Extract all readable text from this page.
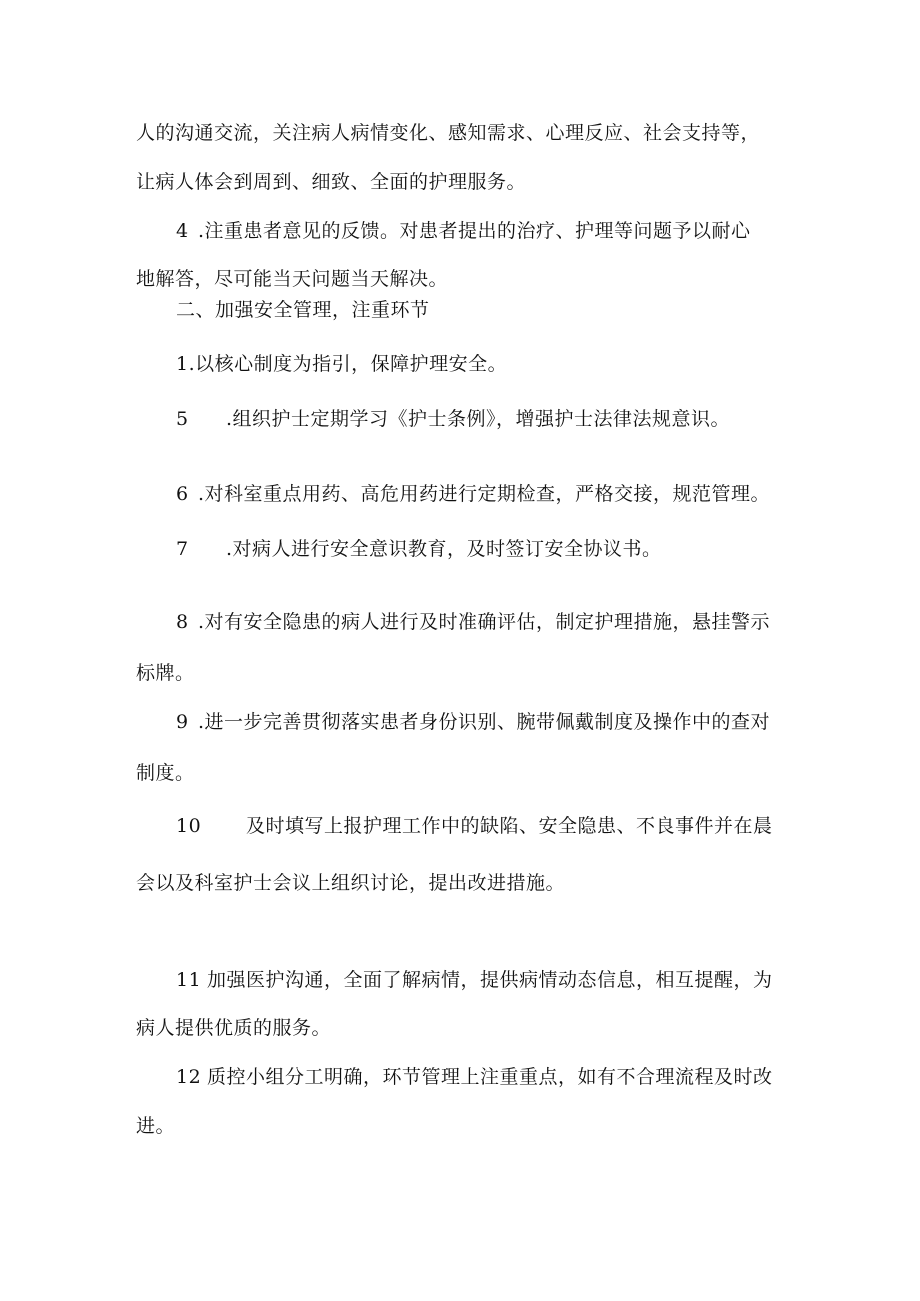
人的沟通交流，关注病人病情变化、感知需求、心理反应、社会支持等，
让病人体会到周到、细致、全面的护理服务。
4 .注重患者意见的反馈。对患者提出的治疗、护理等问题予以耐心
地解答，尽可能当天问题当天解决。
二、加强安全管理，注重环节
1.以核心制度为指引，保障护理安全。
5 .组织护士定期学习《护士条例》，增强护士法律法规意识。
6 .对科室重点用药、高危用药进行定期检查，严格交接，规范管理。
7 .对病人进行安全意识教育，及时签订安全协议书。
8 .对有安全隐患的病人进行及时准确评估，制定护理措施，悬挂警示
标牌。
9 .进一步完善贯彻落实患者身份识别、腕带佩戴制度及操作中的查对
制度。
10 及时填写上报护理工作中的缺陷、安全隐患、不良事件并在晨
会以及科室护士会议上组织讨论，提出改进措施。
11 加强医护沟通，全面了解病情，提供病情动态信息，相互提醒，为
病人提供优质的服务。
12 质控小组分工明确，环节管理上注重重点，如有不合理流程及时改
进。
